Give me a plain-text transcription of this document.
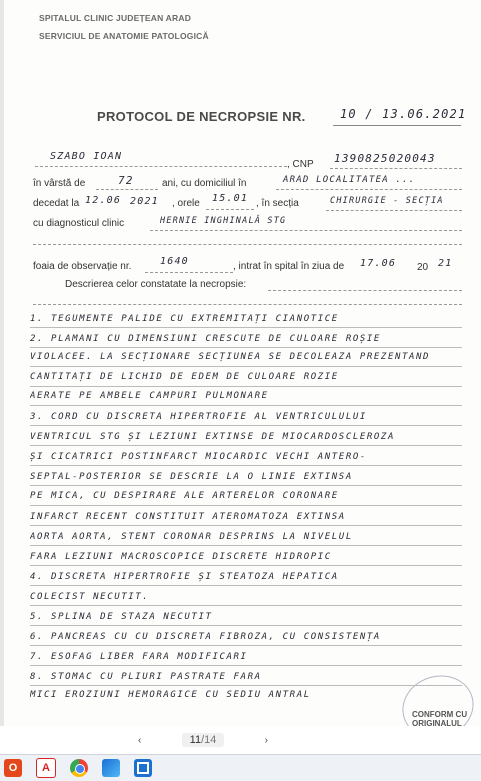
SPITALUL CLINIC JUDEȚEAN ARAD
SERVICIUL DE ANATOMIE PATOLOGICĂ
PROTOCOL DE NECROPSIE NR.	10 / 13.06.2021
SZABO IOAN
, CNP 1390825020043
în vârstă de	72	ani, cu domiciliul în	ARAD LOCALITATEA ...
decedat la 12.06 2021 , orele 15.01 , în secția	CHIRURGIE - SECȚIA
cu diagnosticul clinic	HERNIE INGHINALĂ STG
foaia de observație nr.	1640	, intrat în spital în ziua de 17.06 20 21
Descrierea celor constatate la necropsie:
1. TEGUMENTE PALIDE CU EXTREMITĂȚI CIANOTICE
2. PLĂMÂNI CU DIMENSIUNI CRESCUTE DE CULOARE ROȘIE
VIOLACEE. LA SECȚIONARE SECȚIUNEA SE DECOLEAZĂ PREZENTÂND
CANTITĂȚI DE LICHID DE EDEM DE CULOARE ROZIE
AERATE PE AMBELE CÂMPURI PULMONARE
3. CORD CU DISCRETĂ HIPERTROFIE AL VENTRICULULUI
VENTRICUL STG ȘI LEZIUNI EXTINSE DE MIOCARDOSCLEROZĂ
ȘI CICATRICI POSTINFARCT MIOCARDIC VECHI ANTERO-
SEPTAL-POSTERIOR SE DESCRIE LA O LINIE EXTINSĂ
PE MICĂ, CU DESPIRARE ALE ARTERELOR CORONARE
INFARCT RECENT CONSTITUIT ATEROMATOZĂ EXTINSĂ
AORTĂ AORTĂ, STENT CORONAR DESPRINS LA NIVELUL
FĂRĂ LEZIUNI MACROSCOPICE DISCRETE HIDROPIC
4. DISCRETĂ HIPERTROFIE ȘI STEATOZĂ HEPATICĂ
COLECIST NECUTIT.
5. SPLINĂ DE STAZĂ NECUTIT
6. PANCREAS CU CU DISCRETĂ FIBROZĂ, CU CONSISTENȚĂ
7. ESOFAG LIBER FĂRĂ MODIFICĂRI
8. STOMAC CU PLIURI PĂSTRATE FĂRĂ
MICI EROZIUNI HEMORAGICE CU SEDIU ANTRAL
CONFORM CU ORIGINALUL
‹	11/14	›
O	A
